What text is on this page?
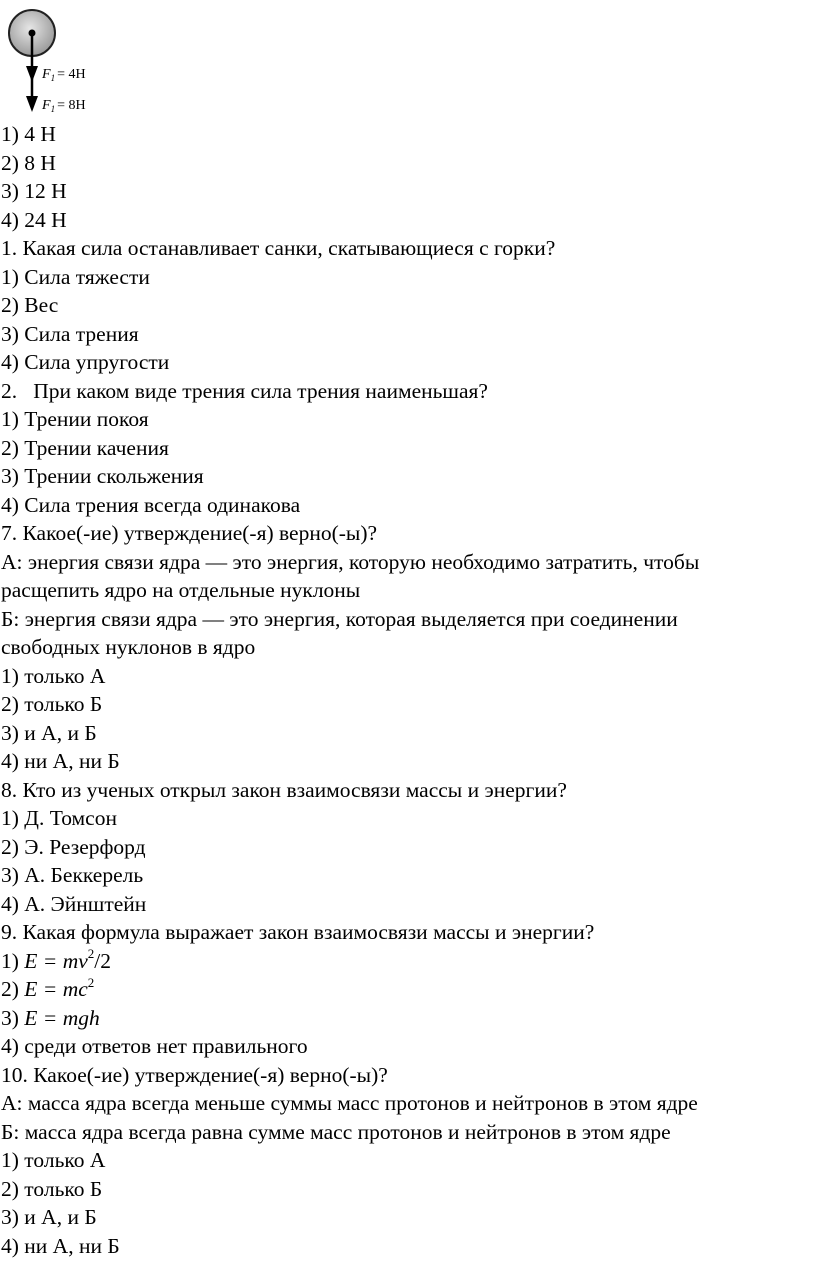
$F_1 = 4Н$
$F_1 = 8Н$
1) 4 Н
2) 8 Н
3) 12 Н
4) 24 Н
1. Какая сила останавливает санки, скатывающиеся с горки?
1) Сила тяжести
2) Вес
3) Сила трения
4) Сила упругости
2.   При каком виде трения сила трения наименьшая?
1) Трении покоя
2) Трении качения
3) Трении скольжения
4) Сила трения всегда одинакова
7. Какое(-ие) утверждение(-я) верно(-ы)?
А: энергия связи ядра — это энергия, которую необходимо затратить, чтобы
расщепить ядро на отдельные нуклоны
Б: энергия связи ядра — это энергия, которая выделяется при соединении
свободных нуклонов в ядро
1) только А
2) только Б
3) и А, и Б
4) ни А, ни Б
8. Кто из ученых открыл закон взаимосвязи массы и энергии?
1) Д. Томсон
2) Э. Резерфорд
3) А. Беккерель
4) А. Эйнштейн
9. Какая формула выражает закон взаимосвязи массы и энергии?
1) $E = mv^2/2$
2) $E = mc^2$
3) E = mgh
4) среди ответов нет правильного
10. Какое(-ие) утверждение(-я) верно(-ы)?
А: масса ядра всегда меньше суммы масс протонов и нейтронов в этом ядре
Б: масса ядра всегда равна сумме масс протонов и нейтронов в этом ядре
1) только А
2) только Б
3) и А, и Б
4) ни А, ни Б
